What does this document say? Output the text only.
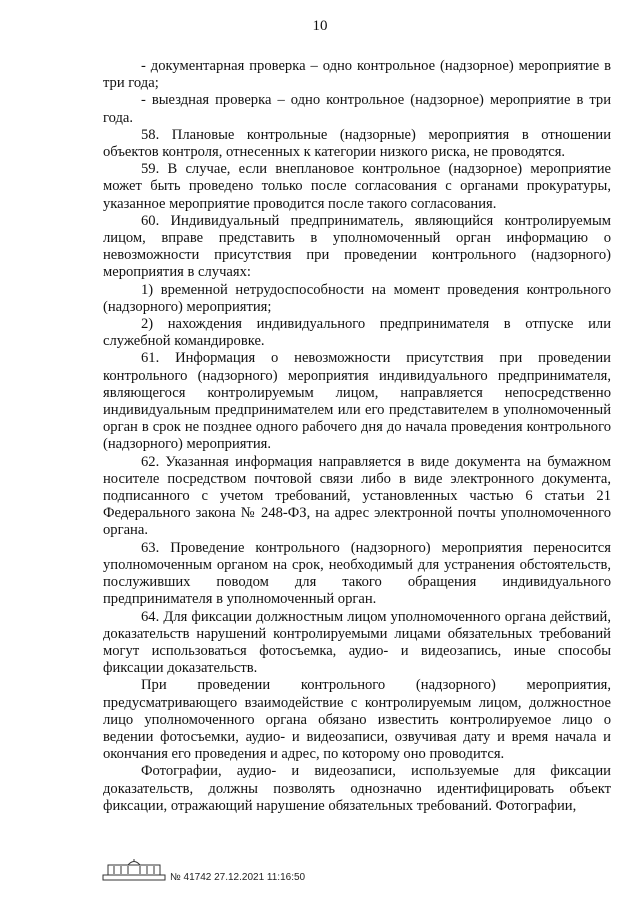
10

- документарная проверка – одно контрольное (надзорное) мероприятие в три года;

- выездная проверка – одно контрольное (надзорное) мероприятие в три года.

58. Плановые контрольные (надзорные) мероприятия в отношении объектов контроля, отнесенных к категории низкого риска, не проводятся.

59. В случае, если внеплановое контрольное (надзорное) мероприятие может быть проведено только после согласования с органами прокуратуры, указанное мероприятие проводится после такого согласования.

60. Индивидуальный предприниматель, являющийся контролируемым лицом, вправе представить в уполномоченный орган информацию о невозможности присутствия при проведении контрольного (надзорного) мероприятия в случаях:

1) временной нетрудоспособности на момент проведения контрольного (надзорного) мероприятия;

2) нахождения индивидуального предпринимателя в отпуске или служебной командировке.

61. Информация о невозможности присутствия при проведении контрольного (надзорного) мероприятия индивидуального предпринимателя, являющегося контролируемым лицом, направляется непосредственно индивидуальным предпринимателем или его представителем в уполномоченный орган в срок не позднее одного рабочего дня до начала проведения контрольного (надзорного) мероприятия.

62. Указанная информация направляется в виде документа на бумажном носителе посредством почтовой связи либо в виде электронного документа, подписанного с учетом требований, установленных частью 6 статьи 21 Федерального закона № 248-ФЗ, на адрес электронной почты уполномоченного органа.

63. Проведение контрольного (надзорного) мероприятия переносится уполномоченным органом на срок, необходимый для устранения обстоятельств, послуживших поводом для такого обращения индивидуального предпринимателя в уполномоченный орган.

64. Для фиксации должностным лицом уполномоченного органа действий, доказательств нарушений контролируемыми лицами обязательных требований могут использоваться фотосъемка, аудио- и видеозапись, иные способы фиксации доказательств.

При проведении контрольного (надзорного) мероприятия, предусматривающего взаимодействие с контролируемым лицом, должностное лицо уполномоченного органа обязано известить контролируемое лицо о ведении фотосъемки, аудио- и видеозаписи, озвучивая дату и время начала и окончания его проведения и адрес, по которому оно проводится.

Фотографии, аудио- и видеозаписи, используемые для фиксации доказательств, должны позволять однозначно идентифицировать объект фиксации, отражающий нарушение обязательных требований. Фотографии,

№ 41742 27.12.2021 11:16:50
